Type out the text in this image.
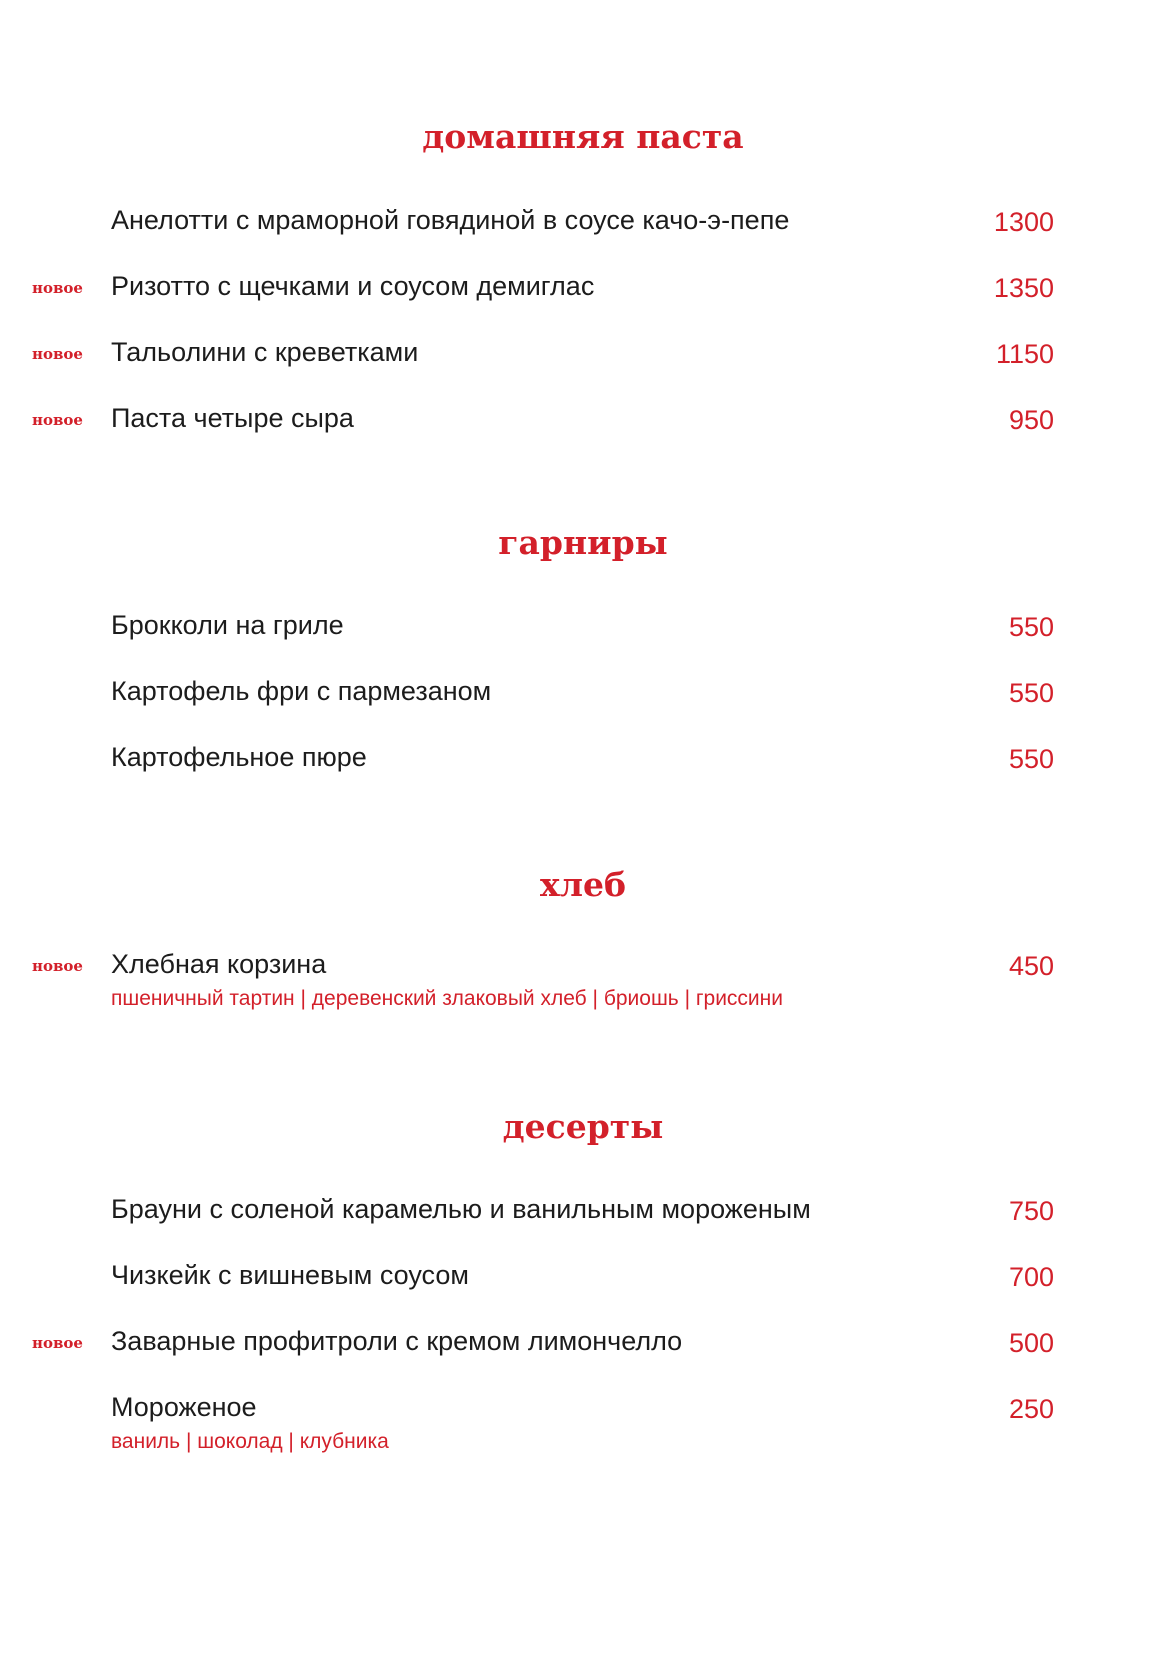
домашняя паста
Анелотти с мраморной говядиной в соусе качо-э-пепе	1300
новое Ризотто с щечками и соусом демиглас	1350
новое Тальолини с креветками	1150
новое Паста четыре сыра	950
гарниры
Брокколи на гриле	550
Картофель фри с пармезаном	550
Картофельное пюре	550
хлеб
новое Хлебная корзина	450
пшеничный тартин | деревенский злаковый хлеб | бриошь | гриссини
десерты
Брауни с соленой карамелью и ванильным мороженым	750
Чизкейк с вишневым соусом	700
новое Заварные профитроли с кремом лимончелло	500
Мороженое	250
ваниль | шоколад | клубника
